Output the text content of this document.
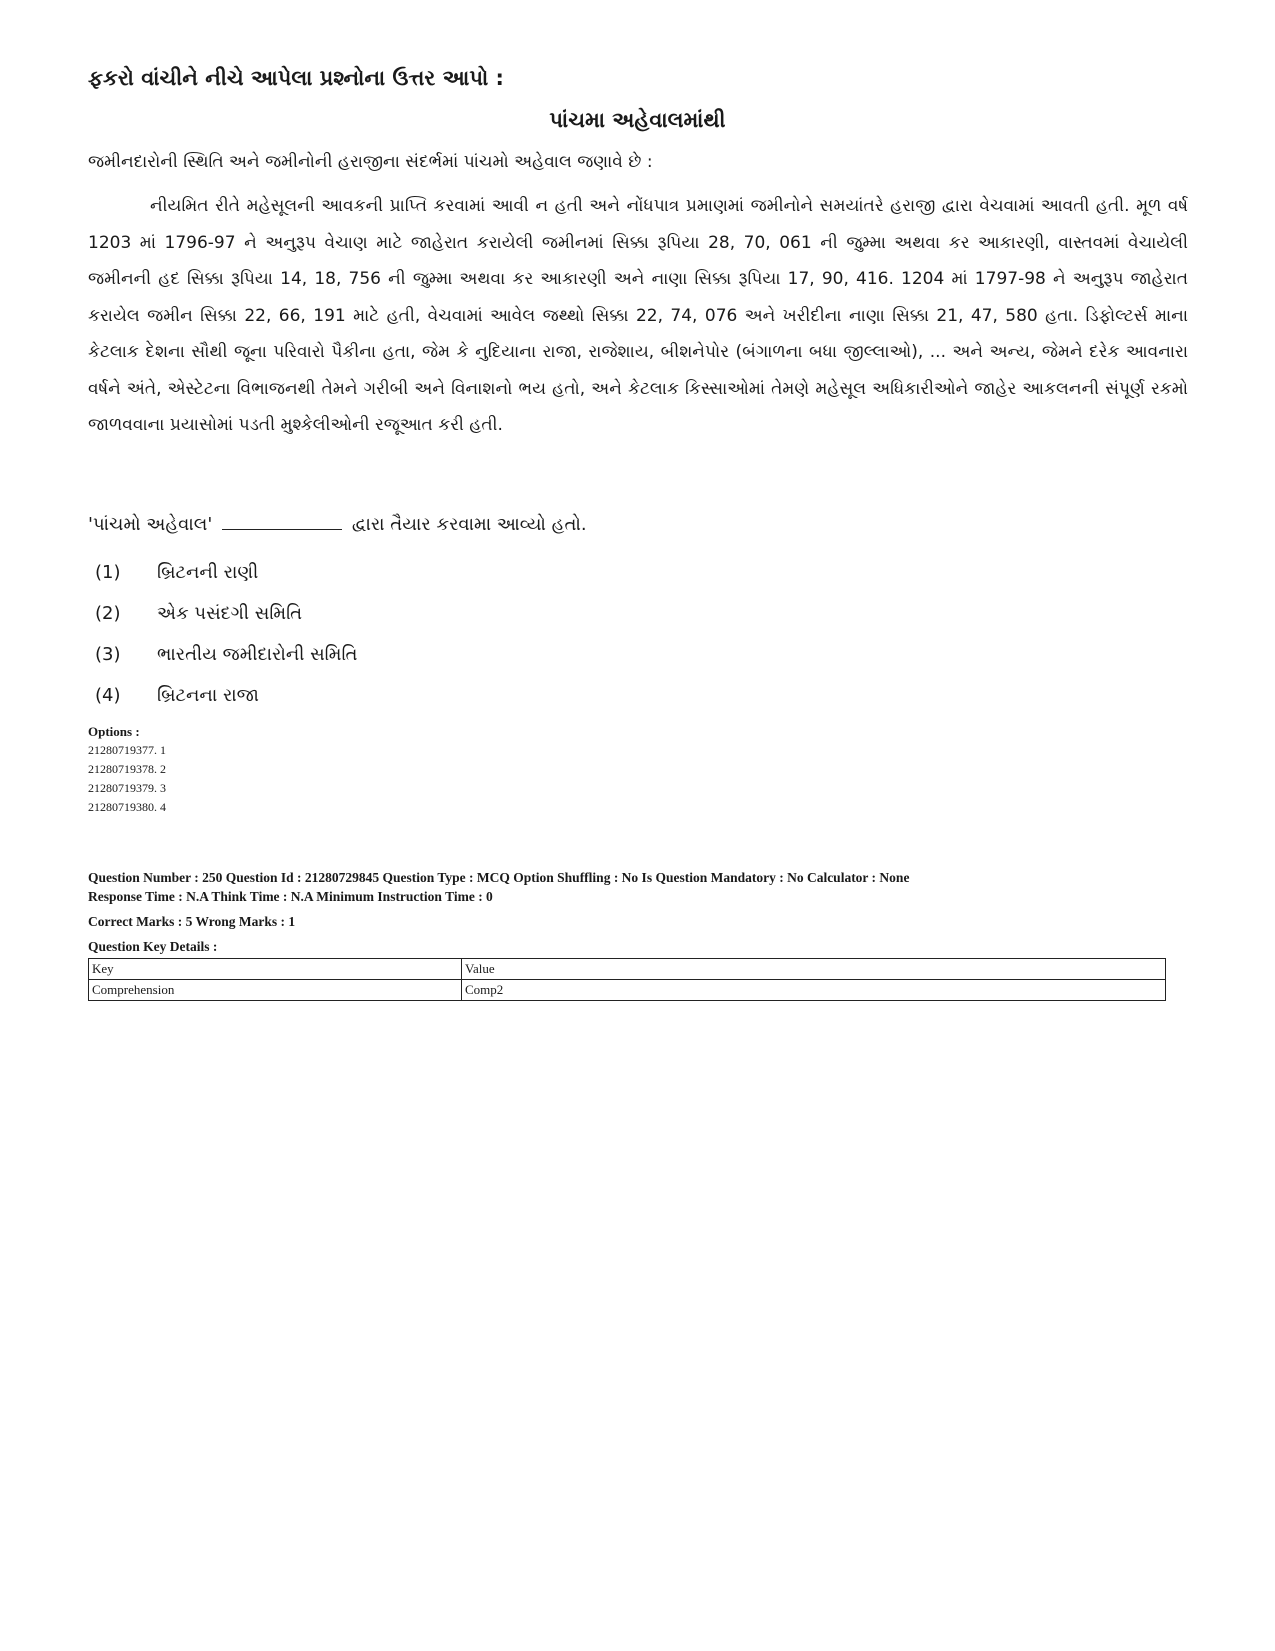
ફકરો વાંચીને નીચે આપેલા પ્રશ્નોના ઉત્તર આપો :
પાંચમા અહેવાલમાંથી
જમીનદારોની સ્થિતિ અને જમીનોની હરાજીના સંદર્ભમાં પાંચમો અહેવાલ જણાવે છે :
નીયમિત રીતે મહેસૂલની આવકની પ્રાપ્તિ કરવામાં આવી ન હતી અને નોંધપાત્ર પ્રમાણમાં જમીનોને સમયાંતરે હરાજી દ્વારા વેચવામાં આવતી હતી. મૂળ વર્ષ 1203 માં 1796-97 ને અનુરૂપ વેચાણ માટે જાહેરાત કરાયેલી જમીનમાં સિક્કા રૂપિયા 28, 70, 061 ની જુમ્મા અથવા કર આકારણી, વાસ્તવમાં વેચાયેલી જમીનની હદ સિક્કા રૂપિયા 14, 18, 756 ની જુમ્મા અથવા કર આકારણી અને નાણા સિક્કા રૂપિયા 17, 90, 416. 1204 માં 1797-98 ને અનુરૂપ જાહેરાત કરાયેલ જમીન સિક્કા 22, 66, 191 માટે હતી, વેચવામાં આવેલ જથ્થો સિક્કા 22, 74, 076 અને ખરીદીના નાણા સિક્કા 21, 47, 580 હતા. ડિફોલ્ટર્સ માના કેટલાક દેશના સૌથી જૂના પરિવારો પૈકીના હતા, જેમ કે નુદિયાના રાજા, રાજેશાય, બીશનેપોર (બંગાળના બધા જીલ્લાઓ), ... અને અન્ય, જેમને દરેક આવનારા વર્ષને અંતે, એસ્ટેટના વિભાજનથી તેમને ગરીબી અને વિનાશનો ભય હતો, અને કેટલાક કિસ્સાઓમાં તેમણે મહેસૂલ અધિકારીઓને જાહેર આકલનની સંપૂર્ણ રકમો જાળવવાના પ્રયાસોમાં પડતી મુશ્કેલીઓની રજૂઆત કરી હતી.
'પાંચમો અહેવાલ'	દ્વારા તૈયાર કરવામા આવ્યો હતો.
(1)	બ્રિટનની રાણી
(2)	એક પસંદગી સમિતિ
(3)	ભારતીય જમીદારોની સમિતિ
(4)	બ્રિટનના રાજા
Options :
21280719377. 1
21280719378. 2
21280719379. 3
21280719380. 4
Question Number : 250 Question Id : 21280729845 Question Type : MCQ Option Shuffling : No Is Question Mandatory : No Calculator : None
Response Time : N.A Think Time : N.A Minimum Instruction Time : 0
Correct Marks : 5 Wrong Marks : 1
Question Key Details :
Key	Value
Comprehension	Comp2
